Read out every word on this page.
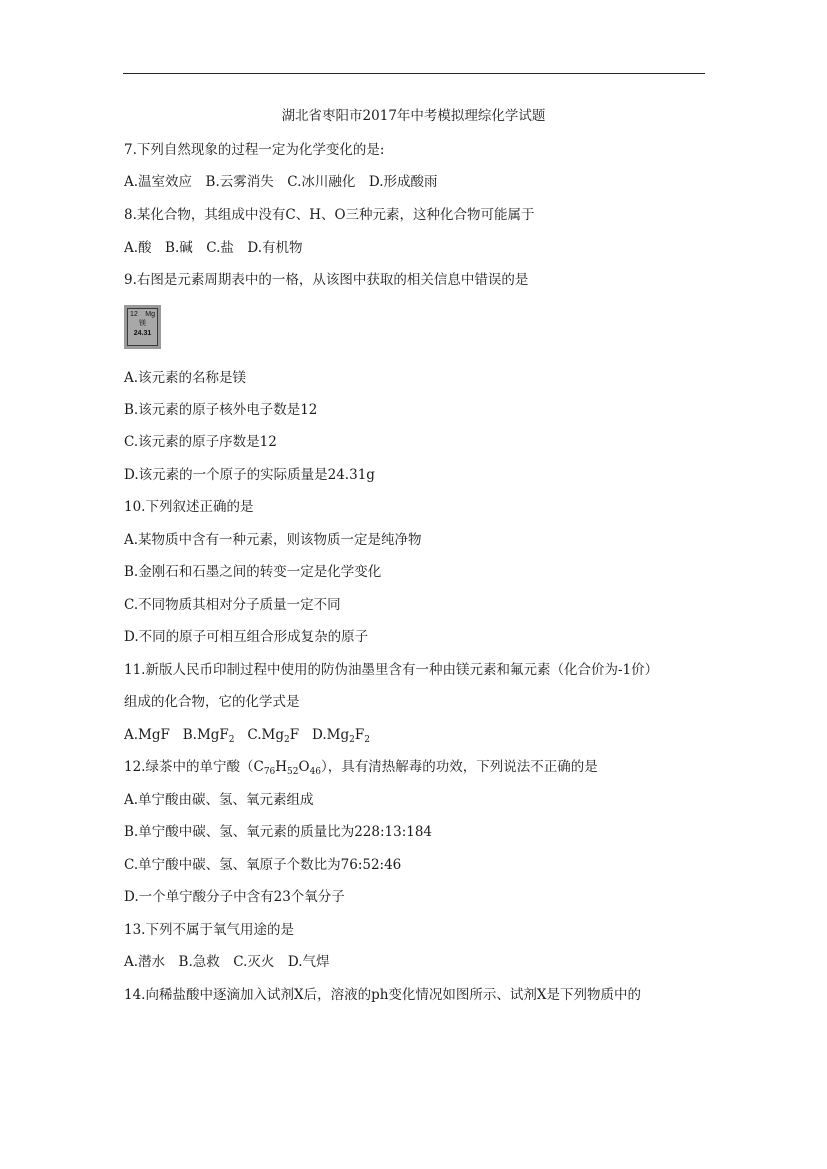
湖北省枣阳市2017年中考模拟理综化学试题
7.下列自然现象的过程一定为化学变化的是:
A.温室效应　B.云雾消失　C.冰川融化　D.形成酸雨
8.某化合物，其组成中没有C、H、O三种元素，这种化合物可能属于
A.酸　B.碱　C.盐　D.有机物
9.右图是元素周期表中的一格，从该图中获取的相关信息中错误的是
12 Mg
镁
24.31
A.该元素的名称是镁
B.该元素的原子核外电子数是12
C.该元素的原子序数是12
D.该元素的一个原子的实际质量是24.31g
10.下列叙述正确的是
A.某物质中含有一种元素，则该物质一定是纯净物
B.金刚石和石墨之间的转变一定是化学变化
C.不同物质其相对分子质量一定不同
D.不同的原子可相互组合形成复杂的原子
11.新版人民币印制过程中使用的防伪油墨里含有一种由镁元素和氟元素（化合价为-1价）
组成的化合物，它的化学式是
A.MgF B.MgF$_2$ $C.Mg_2F$ $D.Mg_2F_2$
12.绿茶中的单宁酸$(C_{76}H_{52}O_{46})$，具有清热解毒的功效，下列说法不正确的是
A.单宁酸由碳、氢、氧元素组成
B.单宁酸中碳、氢、氧元素的质量比为228:13:184
C.单宁酸中碳、氢、氧原子个数比为76:52:46
D.一个单宁酸分子中含有23个氧分子
13.下列不属于氧气用途的是
A.潜水　B.急救　C.灭火　D.气焊
14.向稀盐酸中逐滴加入试剂X后，溶液的ph变化情况如图所示、试剂X是下列物质中的
